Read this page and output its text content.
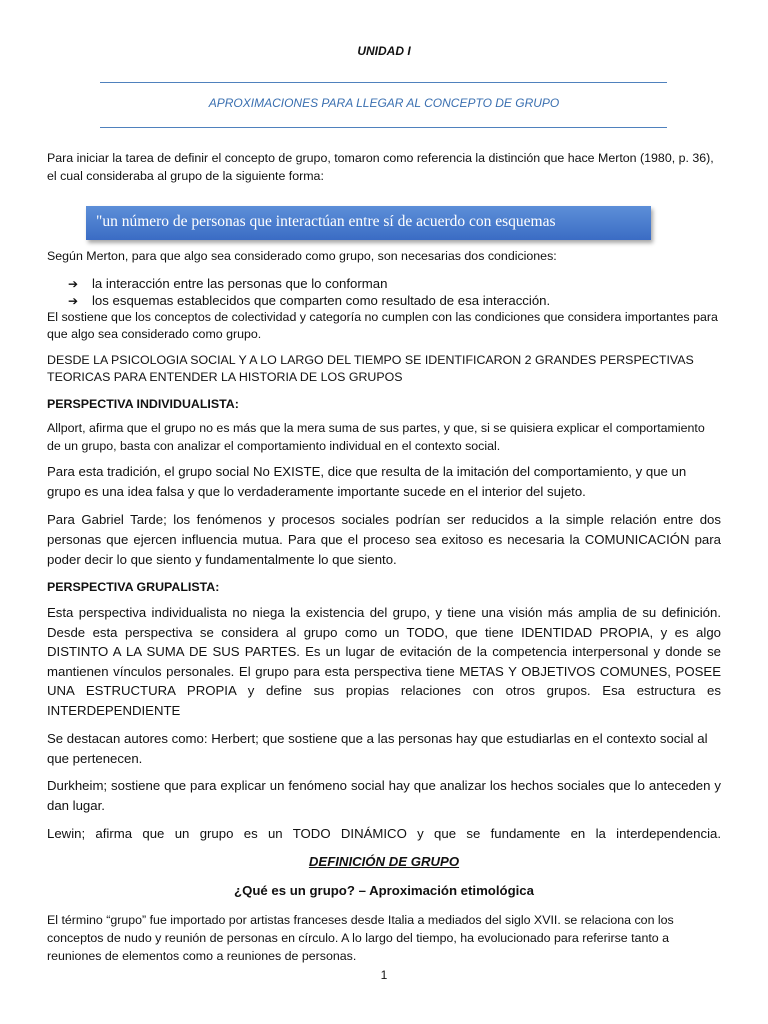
UNIDAD I
APROXIMACIONES PARA LLEGAR AL CONCEPTO DE GRUPO
Para iniciar la tarea de definir el concepto de grupo, tomaron como referencia la distinción que hace Merton (1980, p. 36), el cual consideraba al grupo de la siguiente forma:
"un número de personas que interactúan entre sí de acuerdo con esquemas
Según Merton, para que algo sea considerado como grupo, son necesarias dos condiciones:
➔ la interacción entre las personas que lo conforman
➔ los esquemas establecidos que comparten como resultado de esa interacción.
El sostiene que los conceptos de colectividad y categoría no cumplen con las condiciones que considera importantes para que algo sea considerado como grupo.
DESDE LA PSICOLOGIA SOCIAL Y A LO LARGO DEL TIEMPO SE IDENTIFICARON 2 GRANDES PERSPECTIVAS TEORICAS PARA ENTENDER LA HISTORIA DE LOS GRUPOS
PERSPECTIVA INDIVIDUALISTA:
Allport, afirma que el grupo no es más que la mera suma de sus partes, y que, si se quisiera explicar el comportamiento de un grupo, basta con analizar el comportamiento individual en el contexto social.
Para esta tradición, el grupo social No EXISTE, dice que resulta de la imitación del comportamiento, y que un grupo es una idea falsa y que lo verdaderamente importante sucede en el interior del sujeto.
Para Gabriel Tarde; los fenómenos y procesos sociales podrían ser reducidos a la simple relación entre dos personas que ejercen influencia mutua. Para que el proceso sea exitoso es necesaria la COMUNICACIÓN para poder decir lo que siento y fundamentalmente lo que siento.
PERSPECTIVA GRUPALISTA:
Esta perspectiva individualista no niega la existencia del grupo, y tiene una visión más amplia de su definición. Desde esta perspectiva se considera al grupo como un TODO, que tiene IDENTIDAD PROPIA, y es algo DISTINTO A LA SUMA DE SUS PARTES. Es un lugar de evitación de la competencia interpersonal y donde se mantienen vínculos personales. El grupo para esta perspectiva tiene METAS Y OBJETIVOS COMUNES, POSEE UNA ESTRUCTURA PROPIA y define sus propias relaciones con otros grupos. Esa estructura es INTERDEPENDIENTE
Se destacan autores como: Herbert; que sostiene que a las personas hay que estudiarlas en el contexto social al que pertenecen.
Durkheim; sostiene que para explicar un fenómeno social hay que analizar los hechos sociales que lo anteceden y dan lugar.
Lewin; afirma que un grupo es un TODO DINÁMICO y que se fundamente en la interdependencia.
DEFINICIÓN DE GRUPO
¿Qué es un grupo? – Aproximación etimológica
El término “grupo” fue importado por artistas franceses desde Italia a mediados del siglo XVII. se relaciona con los conceptos de nudo y reunión de personas en círculo. A lo largo del tiempo, ha evolucionado para referirse tanto a reuniones de elementos como a reuniones de personas.
1
